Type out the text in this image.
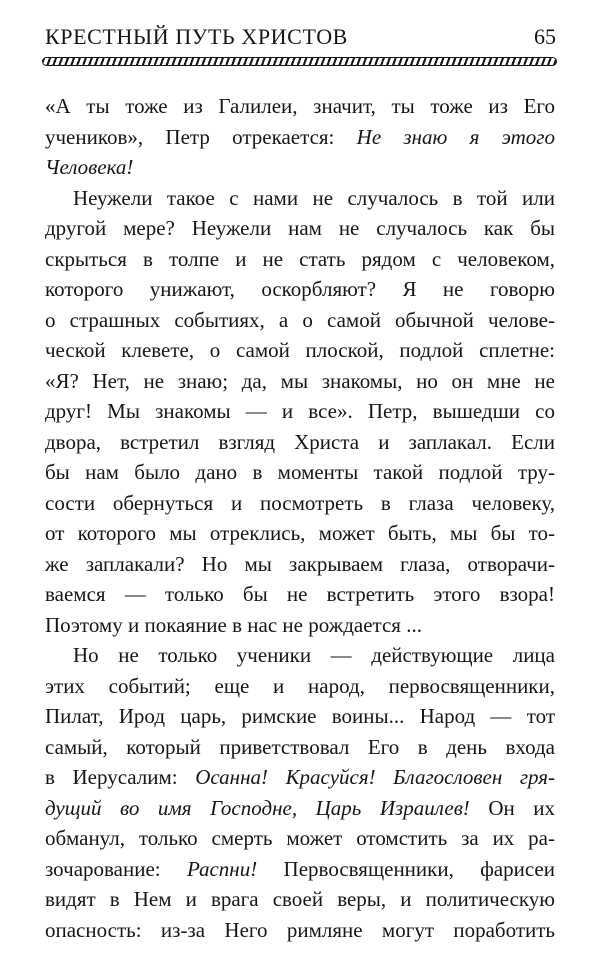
КРЕСТНЫЙ ПУТЬ ХРИСТОВ	65
«А ты тоже из Галилеи, значит, ты тоже из Его
учеников», Петр отрекается: Не знаю я этого
Человека!
Неужели такое с нами не случалось в той или
другой мере? Неужели нам не случалось как бы
скрыться в толпе и не стать рядом с человеком,
которого унижают, оскорбляют? Я не говорю
о страшных событиях, а о самой обычной челове-
ческой клевете, о самой плоской, подлой сплетне:
«Я? Нет, не знаю; да, мы знакомы, но он мне не
друг! Мы знакомы — и все». Петр, вышедши со
двора, встретил взгляд Христа и заплакал. Если
бы нам было дано в моменты такой подлой тру-
сости обернуться и посмотреть в глаза человеку,
от которого мы отреклись, может быть, мы бы то-
же заплакали? Но мы закрываем глаза, отворачи-
ваемся — только бы не встретить этого взора!
Поэтому и покаяние в нас не рождается ...
Но не только ученики — действующие лица
этих событий; еще и народ, первосвященники,
Пилат, Ирод царь, римские воины... Народ — тот
самый, который приветствовал Его в день входа
в Иерусалим: Осанна! Красуйся! Благословен гря-
дущий во имя Господне, Царь Израилев! Он их
обманул, только смерть может отомстить за их ра-
зочарование: Распни! Первосвященники, фарисеи
видят в Нем и врага своей веры, и политическую
опасность: из-за Него римляне могут поработить
